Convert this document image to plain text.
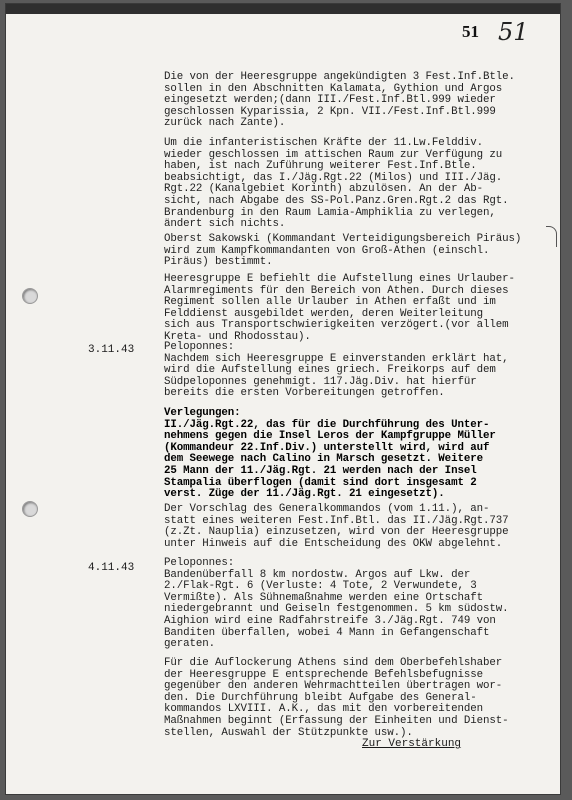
51 51
Die von der Heeresgruppe angekündigten 3 Fest.Inf.Btle.
sollen in den Abschnitten Kalamata, Gythion und Argos
eingesetzt werden;(dann III./Fest.Inf.Btl.999 wieder
geschlossen Kyparissia, 2 Kpn. VII./Fest.Inf.Btl.999
zurück nach Zante).
Um die infanteristischen Kräfte der 11.Lw.Felddiv.
wieder geschlossen im attischen Raum zur Verfügung zu
haben, ist nach Zuführung weiterer Fest.Inf.Btle.
beabsichtigt, das I./Jäg.Rgt.22 (Milos) und III./Jäg.
Rgt.22 (Kanalgebiet Korinth) abzulösen. An der Ab-
sicht, nach Abgabe des SS-Pol.Panz.Gren.Rgt.2 das Rgt.
Brandenburg in den Raum Lamia-Amphiklia zu verlegen,
ändert sich nichts.
Oberst Sakowski (Kommandant Verteidigungsbereich Piräus)
wird zum Kampfkommandanten von Groß-Athen (einschl.
Piräus) bestimmt.
Heeresgruppe E befiehlt die Aufstellung eines Urlauber-
Alarmregiments für den Bereich von Athen. Durch dieses
Regiment sollen alle Urlauber in Athen erfaßt und im
Felddienst ausgebildet werden, deren Weiterleitung
sich aus Transportschwierigkeiten verzögert.(vor allem
Kreta- und Rhodosstau).
3.11.43	Peloponnes:
Nachdem sich Heeresgruppe E einverstanden erklärt hat,
wird die Aufstellung eines griech. Freikorps auf dem
Südpeloponnes genehmigt. 117.Jäg.Div. hat hierfür
bereits die ersten Vorbereitungen getroffen.
Verlegungen:
II./Jäg.Rgt.22, das für die Durchführung des Unter-
nehmens gegen die Insel Leros der Kampfgruppe Müller
(Kommandeur 22.Inf.Div.) unterstellt wird, wird auf
dem Seewege nach Calino in Marsch gesetzt. Weitere
25 Mann der 11./Jäg.Rgt. 21 werden nach der Insel
Stampalia überflogen (damit sind dort insgesamt 2
verst. Züge der 11./Jäg.Rgt. 21 eingesetzt).
Der Vorschlag des Generalkommandos (vom 1.11.), an-
statt eines weiteren Fest.Inf.Btl. das II./Jäg.Rgt.737
(z.Zt. Nauplia) einzusetzen, wird von der Heeresgruppe
unter Hinweis auf die Entscheidung des OKW abgelehnt.
4.11.43	Peloponnes:
Bandenüberfall 8 km nordostw. Argos auf Lkw. der
2./Flak-Rgt. 6 (Verluste: 4 Tote, 2 Verwundete, 3
Vermißte). Als Sühnemaßnahme werden eine Ortschaft
niedergebrannt und Geiseln festgenommen. 5 km südostw.
Aighion wird eine Radfahrstreife 3./Jäg.Rgt. 749 von
Banditen überfallen, wobei 4 Mann in Gefangenschaft
geraten.
Für die Auflockerung Athens sind dem Oberbefehlshaber
der Heeresgruppe E entsprechende Befehlsbefugnisse
gegenüber den anderen Wehrmachtteilen übertragen wor-
den. Die Durchführung bleibt Aufgabe des General-
kommandos LXVIII. A.K., das mit den vorbereitenden
Maßnahmen beginnt (Erfassung der Einheiten und Dienst-
stellen, Auswahl der Stützpunkte usw.).
Zur Verstärkung
